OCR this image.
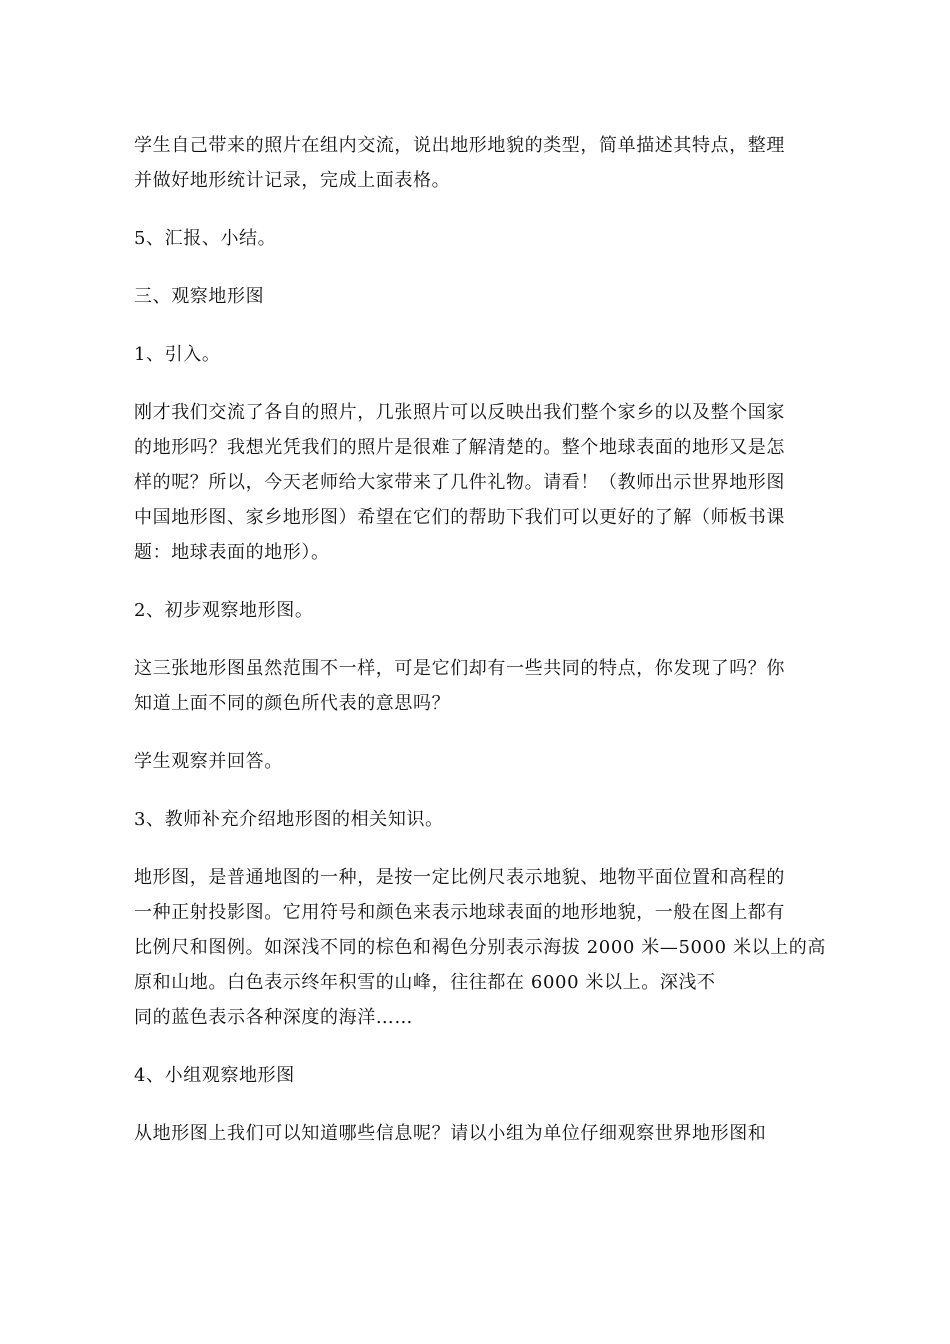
学生自己带来的照片在组内交流，说出地形地貌的类型，简单描述其特点，整理
并做好地形统计记录，完成上面表格。

5、汇报、小结。

三、观察地形图

1、引入。

刚才我们交流了各自的照片，几张照片可以反映出我们整个家乡的以及整个国家
的地形吗？我想光凭我们的照片是很难了解清楚的。整个地球表面的地形又是怎
样的呢？所以，今天老师给大家带来了几件礼物。请看！（教师出示世界地形图
中国地形图、家乡地形图）希望在它们的帮助下我们可以更好的了解（师板书课
题：地球表面的地形）。

2、初步观察地形图。

这三张地形图虽然范围不一样，可是它们却有一些共同的特点，你发现了吗？你
知道上面不同的颜色所代表的意思吗？

学生观察并回答。

3、教师补充介绍地形图的相关知识。

地形图，是普通地图的一种，是按一定比例尺表示地貌、地物平面位置和高程的
一种正射投影图。它用符号和颜色来表示地球表面的地形地貌，一般在图上都有
比例尺和图例。如深浅不同的棕色和褐色分别表示海拔 2000 米—5000 米以上的高
原和山地。白色表示终年积雪的山峰，往往都在 6000 米以上。深浅不
同的蓝色表示各种深度的海洋……

4、小组观察地形图

从地形图上我们可以知道哪些信息呢？请以小组为单位仔细观察世界地形图和
